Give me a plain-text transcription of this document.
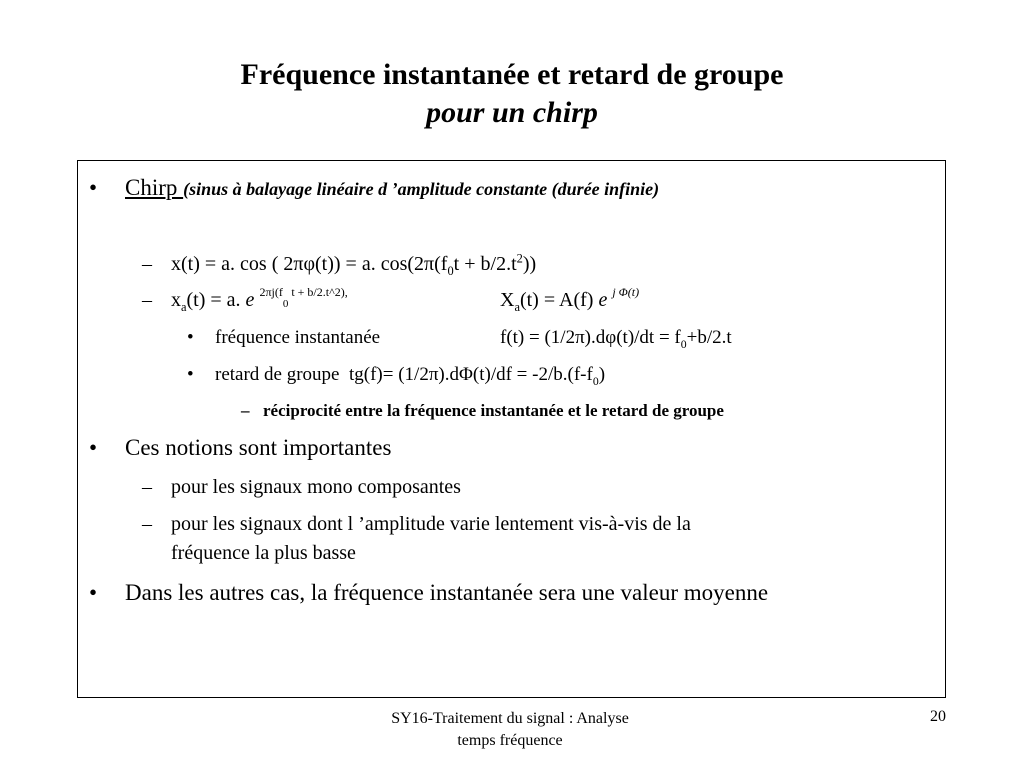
Fréquence instantanée et retard de groupe
pour un chirp
• Chirp (sinus à balayage linéaire d ’amplitude constante (durée infinie)
– x(t) = a. cos ( 2πφ(t)) = a. $\cos(2\pi(f_0t + b/2.t^2))$
– $x_a(t) = a$. e $^{2\pi j(f_0 t + b/2.t\^{}2),}$	$X_a(t) = A(f)$ e $^{j \Phi(t)}$
• fréquence instantanée	$f(t) = (1/2\pi).d\varphi(t)/dt = f_0+b/2.t$
• retard de groupe $tg(f)= (1/2\pi).d\Phi(t)/df = -2/b.(f-f_0)$
– réciprocité entre la fréquence instantanée et le retard de groupe
• Ces notions sont importantes
– pour les signaux mono composantes
– pour les signaux dont l ’amplitude varie lentement vis-à-vis de la
fréquence la plus basse
• Dans les autres cas, la fréquence instantanée sera une valeur moyenne
SY16-Traitement du signal : Analyse
temps fréquence
20
